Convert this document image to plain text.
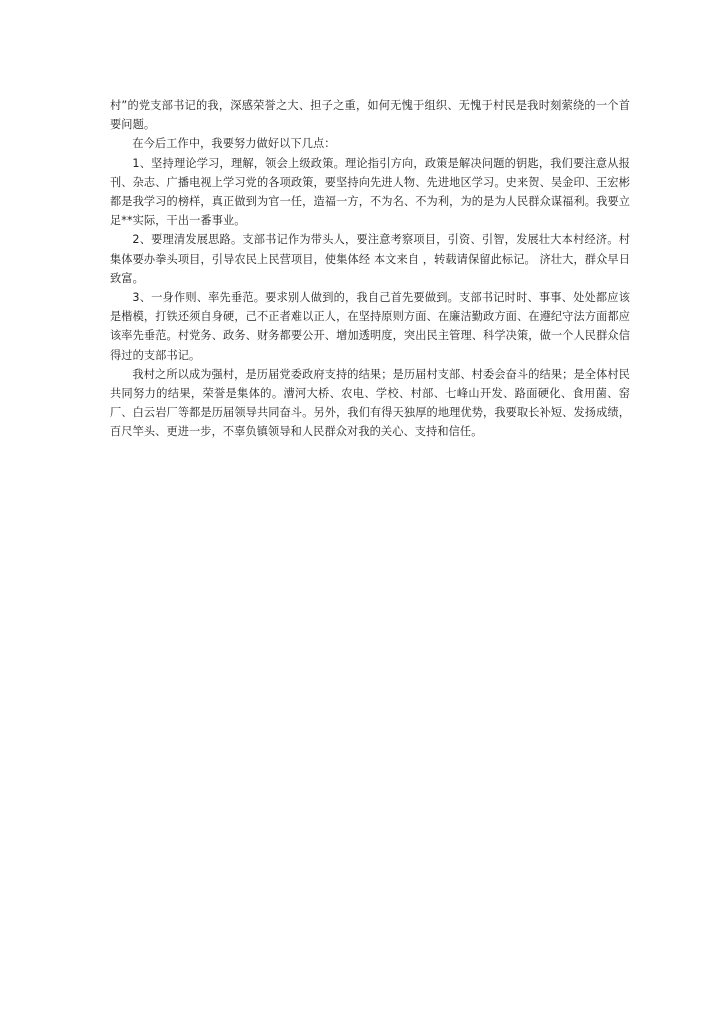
村”的党支部书记的我，深感荣誉之大、担子之重，如何无愧于组织、无愧于村民是我时刻萦绕的一个首要问题。

在今后工作中，我要努力做好以下几点：

1、坚持理论学习，理解，领会上级政策。理论指引方向，政策是解决问题的钥匙，我们要注意从报刊、杂志、广播电视上学习党的各项政策，要坚持向先进人物、先进地区学习。史来贺、吴金印、王宏彬都是我学习的榜样，真正做到为官一任，造福一方，不为名、不为利，为的是为人民群众谋福利。我要立足**实际，干出一番事业。

2、要理清发展思路。支部书记作为带头人，要注意考察项目，引资、引智，发展壮大本村经济。村集体要办拳头项目，引导农民上民营项目，使集体经 本文来自 ，转载请保留此标记。 济壮大，群众早日致富。

3、一身作则、率先垂范。要求别人做到的，我自己首先要做到。支部书记时时、事事、处处都应该是楷模，打铁还须自身硬，己不正者难以正人，在坚持原则方面、在廉洁勤政方面、在遵纪守法方面都应该率先垂范。村党务、政务、财务都要公开、增加透明度，突出民主管理、科学决策，做一个人民群众信得过的支部书记。

我村之所以成为强村，是历届党委政府支持的结果；是历届村支部、村委会奋斗的结果；是全体村民共同努力的结果，荣誉是集体的。漕河大桥、农电、学校、村部、七峰山开发、路面硬化、食用菌、窑厂、白云岩厂等都是历届领导共同奋斗。另外，我们有得天独厚的地理优势，我要取长补短、发扬成绩，百尺竿头、更进一步，不辜负镇领导和人民群众对我的关心、支持和信任。
